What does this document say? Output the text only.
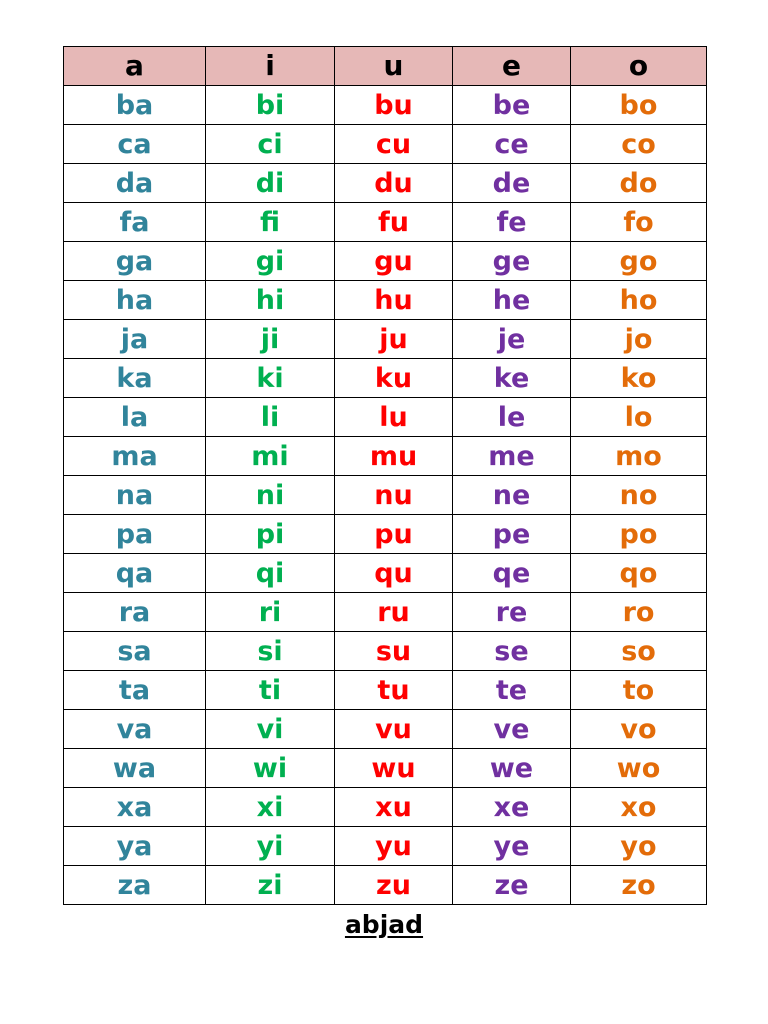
a	i	u	e	o
ba	bi	bu	be	bo
ca	ci	cu	ce	co
da	di	du	de	do
fa	fi	fu	fe	fo
ga	gi	gu	ge	go
ha	hi	hu	he	ho
ja	ji	ju	je	jo
ka	ki	ku	ke	ko
la	li	lu	le	lo
ma	mi	mu	me	mo
na	ni	nu	ne	no
pa	pi	pu	pe	po
qa	qi	qu	qe	qo
ra	ri	ru	re	ro
sa	si	su	se	so
ta	ti	tu	te	to
va	vi	vu	ve	vo
wa	wi	wu	we	wo
xa	xi	xu	xe	xo
ya	yi	yu	ye	yo
za	zi	zu	ze	zo
abjad
